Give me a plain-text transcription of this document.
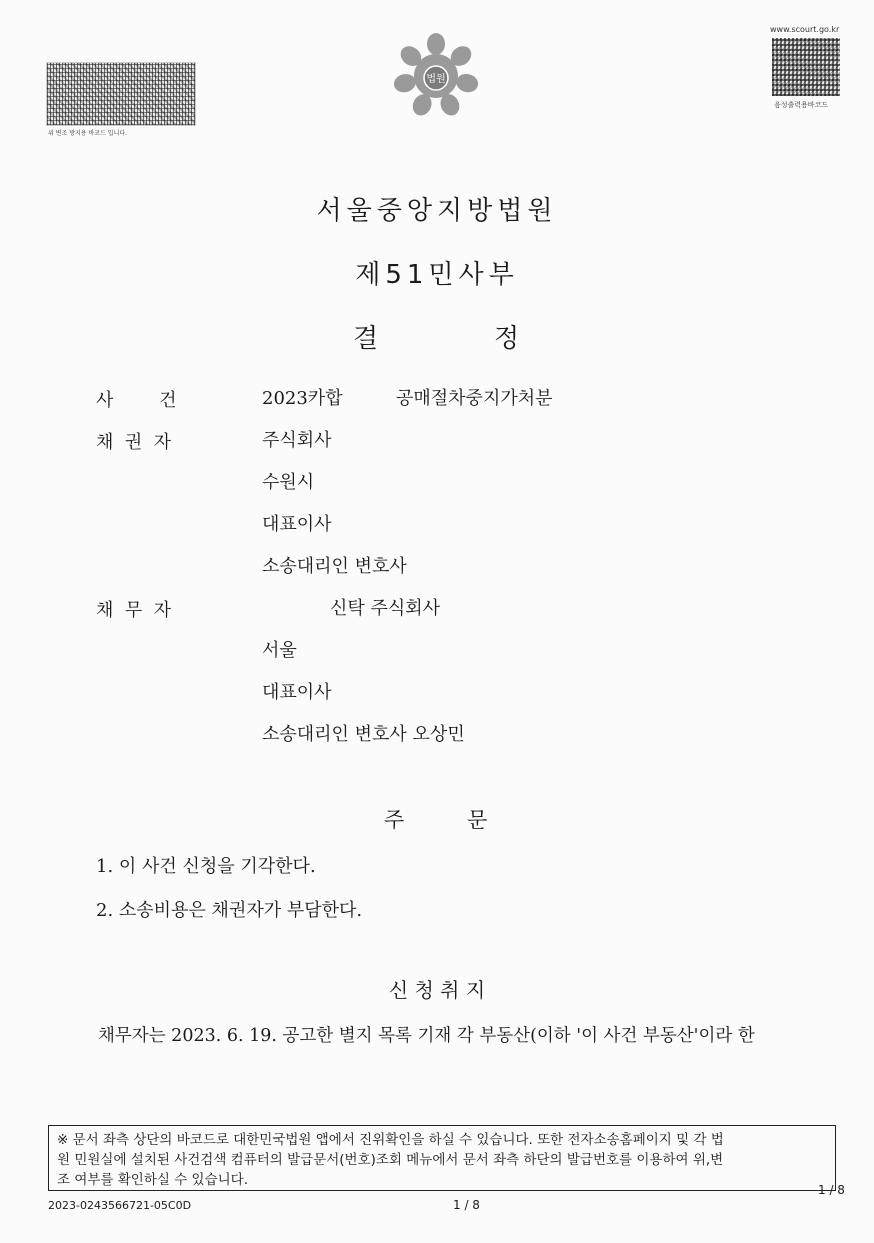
위 변조 방지용 바코드 입니다.
www.scourt.go.kr
음성출력용바코드
법원
서울중앙지방법원
제51민사부
결	정
사        건	2023카합	공매절차중지가처분
채  권  자	주식회사
수원시
대표이사
소송대리인 변호사
채  무  자	신탁 주식회사
서울
대표이사
소송대리인 변호사 오상민
주	문
1. 이 사건 신청을 기각한다.
2. 소송비용은 채권자가 부담한다.
신 청 취 지
채무자는 2023. 6. 19. 공고한 별지 목록 기재 각 부동산(이하 '이 사건 부동산'이라 한
※ 문서 좌측 상단의 바코드로 대한민국법원 앱에서 진위확인을 하실 수 있습니다. 또한 전자소송홈페이지 및 각 법
원 민원실에 설치된 사건검색 컴퓨터의 발급문서(번호)조회 메뉴에서 문서 좌측 하단의 발급번호를 이용하여 위,변
조 여부를 확인하실 수 있습니다.
2023-0243566721-05C0D	1 / 8
1 / 8
